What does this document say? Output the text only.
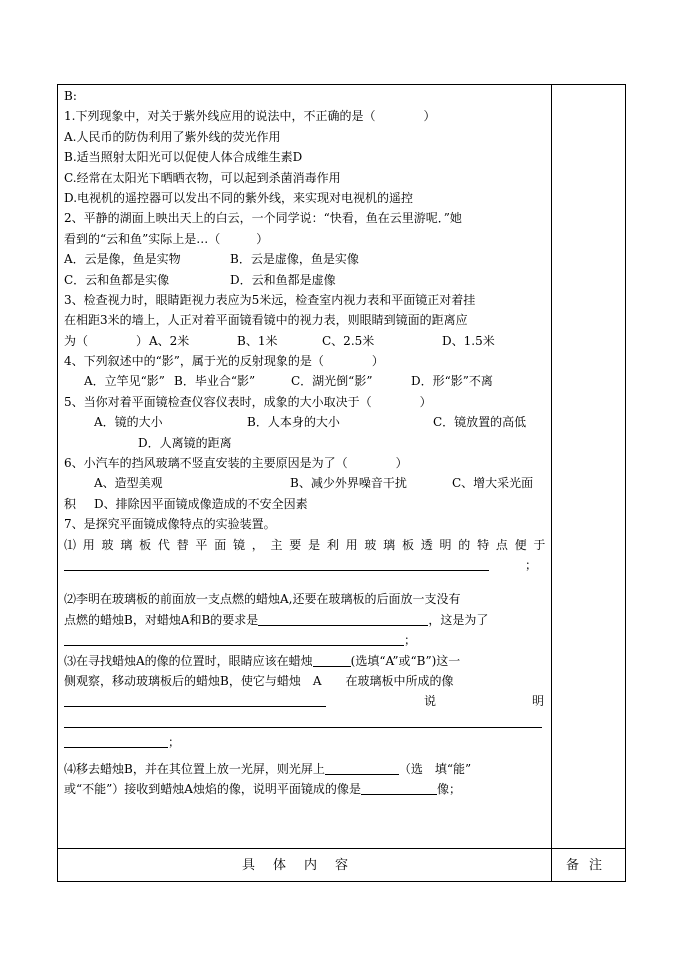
B:
1.下列现象中，对关于紫外线应用的说法中，不正确的是（　　　　）
A.人民币的防伪利用了紫外线的荧光作用
B.适当照射太阳光可以促使人体合成维生素D
C.经常在太阳光下晒晒衣物，可以起到杀菌消毒作用
D.电视机的遥控器可以发出不同的紫外线，来实现对电视机的遥控
2、平静的湖面上映出天上的白云，一个同学说：“快看，鱼在云里游呢．”她
看到的“云和鱼”实际上是…（　　　）
A．云是像，鱼是实物	B．云是虚像，鱼是实像
C．云和鱼都是实像	D．云和鱼都是虚像
3、检查视力时，眼睛距视力表应为5米远，检查室内视力表和平面镜正对着挂
在相距3米的墙上，人正对着平面镜看镜中的视力表，则眼睛到镜面的距离应
为（　　　　）A、2米	B、1米	C、2.5米	D、1.5米
4、下列叙述中的“影”，属于光的反射现象的是（　　　　）
A．立竿见“影” B．毕业合“影”	C．湖光倒“影”	D．形“影”不离
5、当你对着平面镜检查仪容仪表时，成象的大小取决于（　　　　）
A．镜的大小	B．人本身的大小	C．镜放置的高低
D．人离镜的距离
6、小汽车的挡风玻璃不竖直安装的主要原因是为了（　　　　）
A、造型美观	B、减少外界噪音干扰	C、增大采光面
积 D、排除因平面镜成像造成的不安全因素
7、是探究平面镜成像特点的实验装置。
⑴用玻璃板代替平面镜，主要是利用玻璃板透明的特点便于
；
⑵李明在玻璃板的前面放一支点燃的蜡烛A,还要在玻璃板的后面放一支没有
点燃的蜡烛B，对蜡烛A和B的要求是	，这是为了
；
⑶在寻找蜡烛A的像的位置时，眼睛应该在蜡烛	(选填“A”或“B”)这一
侧观察，移动玻璃板后的蜡烛B，使它与蜡烛　A　　在玻璃板中所成的像
说	明
；
⑷移去蜡烛B，并在其位置上放一光屏，则光屏上	（选　填“能”
或“不能”）接收到蜡烛A烛焰的像，说明平面镜成的像是	像；
具体内容	备注
